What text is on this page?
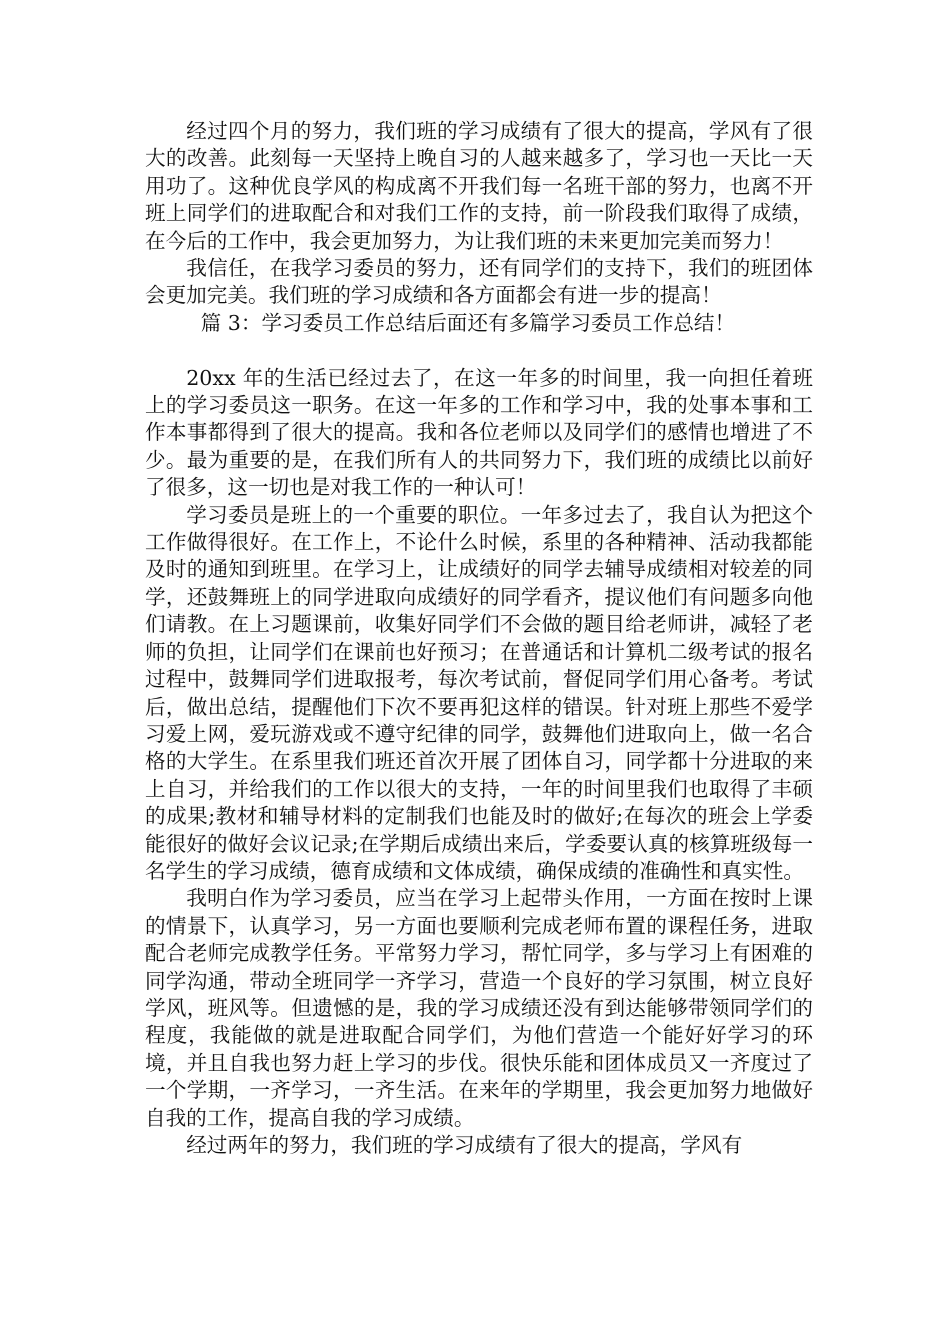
经过四个月的努力，我们班的学习成绩有了很大的提高，学风有了很大的改善。此刻每一天坚持上晚自习的人越来越多了，学习也一天比一天用功了。这种优良学风的构成离不开我们每一名班干部的努力，也离不开班上同学们的进取配合和对我们工作的支持，前一阶段我们取得了成绩，在今后的工作中，我会更加努力，为让我们班的未来更加完美而努力！

我信任，在我学习委员的努力，还有同学们的支持下，我们的班团体会更加完美。我们班的学习成绩和各方面都会有进一步的提高！

篇 3：学习委员工作总结后面还有多篇学习委员工作总结！

20xx 年的生活已经过去了，在这一年多的时间里，我一向担任着班上的学习委员这一职务。在这一年多的工作和学习中，我的处事本事和工作本事都得到了很大的提高。我和各位老师以及同学们的感情也增进了不少。最为重要的是，在我们所有人的共同努力下，我们班的成绩比以前好了很多，这一切也是对我工作的一种认可！

学习委员是班上的一个重要的职位。一年多过去了，我自认为把这个工作做得很好。在工作上，不论什么时候，系里的各种精神、活动我都能及时的通知到班里。在学习上，让成绩好的同学去辅导成绩相对较差的同学，还鼓舞班上的同学进取向成绩好的同学看齐，提议他们有问题多向他们请教。在上习题课前，收集好同学们不会做的题目给老师讲，减轻了老师的负担，让同学们在课前也好预习；在普通话和计算机二级考试的报名过程中，鼓舞同学们进取报考，每次考试前，督促同学们用心备考。考试后，做出总结，提醒他们下次不要再犯这样的错误。针对班上那些不爱学习爱上网，爱玩游戏或不遵守纪律的同学，鼓舞他们进取向上，做一名合格的大学生。在系里我们班还首次开展了团体自习，同学都十分进取的来上自习，并给我们的工作以很大的支持，一年的时间里我们也取得了丰硕的成果;教材和辅导材料的定制我们也能及时的做好;在每次的班会上学委能很好的做好会议记录;在学期后成绩出来后，学委要认真的核算班级每一名学生的学习成绩，德育成绩和文体成绩，确保成绩的准确性和真实性。

我明白作为学习委员，应当在学习上起带头作用，一方面在按时上课的情景下，认真学习，另一方面也要顺利完成老师布置的课程任务，进取配合老师完成教学任务。平常努力学习，帮忙同学，多与学习上有困难的同学沟通，带动全班同学一齐学习，营造一个良好的学习氛围，树立良好学风，班风等。但遗憾的是，我的学习成绩还没有到达能够带领同学们的程度，我能做的就是进取配合同学们，为他们营造一个能好好学习的环境，并且自我也努力赶上学习的步伐。很快乐能和团体成员又一齐度过了一个学期，一齐学习，一齐生活。在来年的学期里，我会更加努力地做好自我的工作，提高自我的学习成绩。

经过两年的努力，我们班的学习成绩有了很大的提高，学风有
